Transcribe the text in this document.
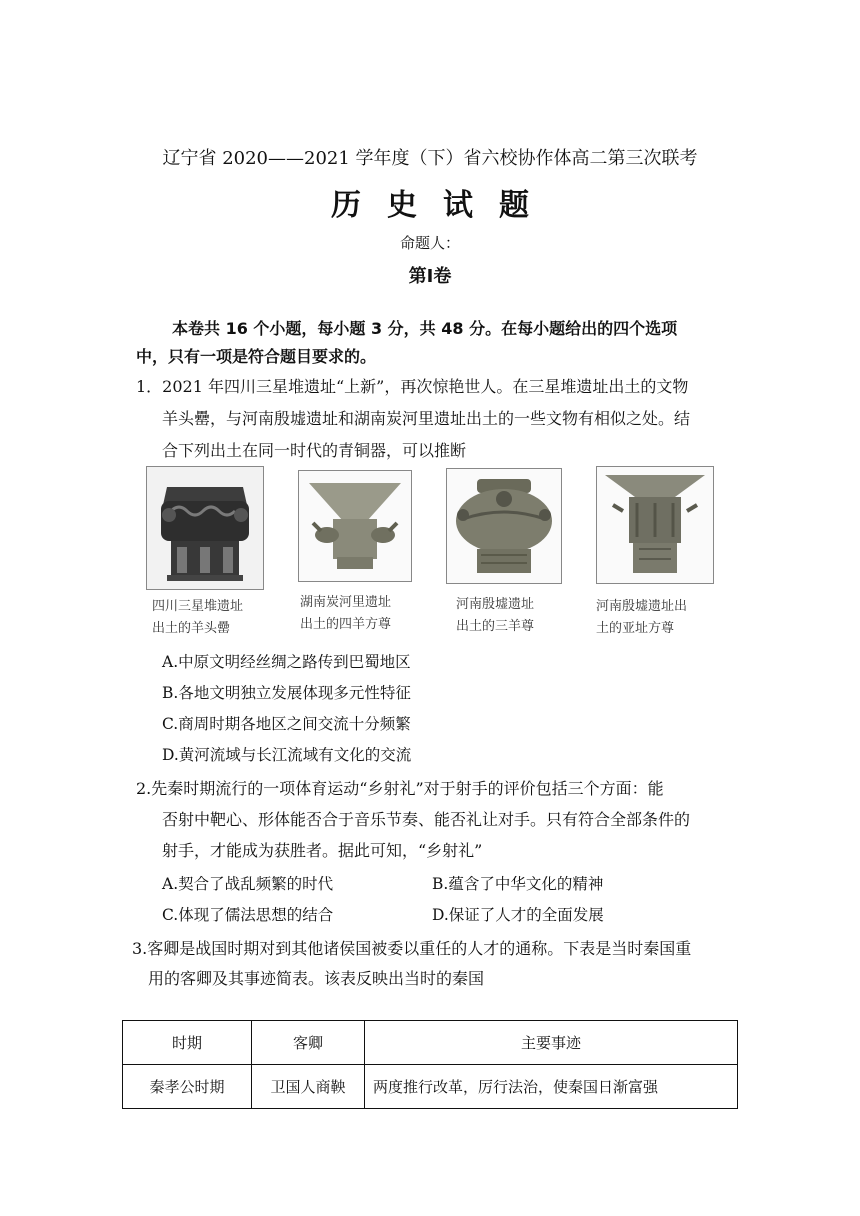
辽宁省 2020——2021 学年度（下）省六校协作体高二第三次联考
历史试题
命题人：
第Ⅰ卷
本卷共 16 个小题，每小题 3 分，共 48 分。在每小题给出的四个选项
中，只有一项是符合题目要求的。
1．2021 年四川三星堆遗址“上新”，再次惊艳世人。在三星堆遗址出土的文物
羊头罍，与河南殷墟遗址和湖南炭河里遗址出土的一些文物有相似之处。结
合下列出土在同一时代的青铜器，可以推断
四川三星堆遗址
出土的羊头罍
湖南炭河里遗址
出土的四羊方尊
河南殷墟遗址
出土的三羊尊
河南殷墟遗址出
土的亚址方尊
A.中原文明经丝绸之路传到巴蜀地区
B.各地文明独立发展体现多元性特征
C.商周时期各地区之间交流十分频繁
D.黄河流域与长江流域有文化的交流
2.先秦时期流行的一项体育运动“乡射礼”对于射手的评价包括三个方面：能
否射中靶心、形体能否合于音乐节奏、能否礼让对手。只有符合全部条件的
射手，才能成为获胜者。据此可知，“乡射礼”
A.契合了战乱频繁的时代	B.蕴含了中华文化的精神
C.体现了儒法思想的结合	D.保证了人才的全面发展
3.客卿是战国时期对到其他诸侯国被委以重任的人才的通称。下表是当时秦国重
用的客卿及其事迹简表。该表反映出当时的秦国
时期	客卿	主要事迹
秦孝公时期	卫国人商鞅	两度推行改革，厉行法治，使秦国日渐富强
